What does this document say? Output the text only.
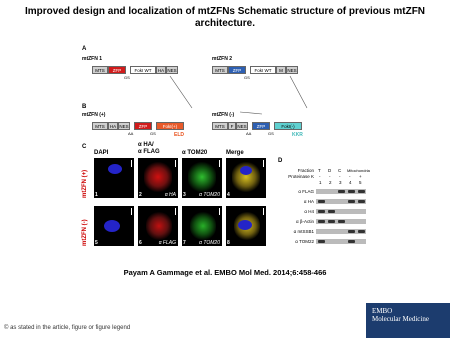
Improved design and localization of mtZFNs Schematic structure of previous mtZFN architecture.
A
mtZFN 1
MTS	ZFP	FokI WT	HA NES
GS
mtZFN 2
MTS	ZFP	FokI WT	M NES
GS
B
mtZFN (+)
MTS	HA NES	ZFP	FokI(+)
AA	GS	ELD
mtZFN (-)
MTS	F NES	ZFP	FokI(-)
AA	GS	KKR
C
DAPI
α HA/
α FLAG	α TOM20	Merge
mtZFN (+)
mtZFN (-)
1	2	α HA 3	α TOM20 4
5	6	α FLAG 7	α TOM20 8
D
Fraction T D C Mitochondria
Proteinase K - - - - +
1 2 3 4 5
α FLAG
α HA
α H4
α β-Actin
α mtSSB1
α TOM22
Payam A Gammage et al. EMBO Mol Med. 2014;6:458-466
© as stated in the article, figure or figure legend
EMBO
Molecular Medicine
